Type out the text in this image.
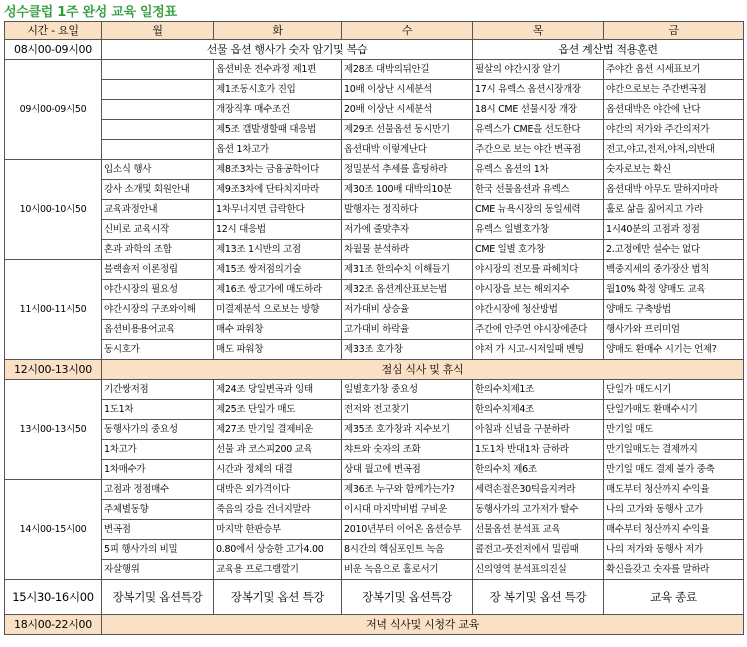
성수클럽 1주 완성 교육 일정표
시간 - 요일	월	화	수	목	금
08시00-09시00	선물 옵션 행사가 숫자 암기및 복습			옵션 계산법 적용훈련	
09시00-09시50		옵션비운 전수과정 제1편	제28조 대박의뒤안길	필살의 야간시장 알기	주야간 옵션 시세표보기
		제1조동시호가 진입	10배 이상난 시세분석	17시 유렉스 옵션시장개장	야간으로보는 주간변곡점
		개장직후 매수조건	20배 이상난 시세분석	18시 CME 선물시장 개장	옵션대박은 야간에 난다
		제5조 갭발생할때 대응법	제29조 선물옵션 동시만기	유렉스가 CME을 선도한다	야간의 저가와 주간의저가
		옵션 1차고가	옵션대박 이렇게난다	주간으로 보는 야간 변곡점	전고,야고,전저,야저,의반대
10시00-10시50	입소식 행사	제8조3차는 금융공학이다	정밀분석 추세를 흘팅하라	유렉스 옵션의 1차	숫자로보는 확신
	강사 소개및 회원안내	제9조3차에 단타치지마라	제30조 100배 대박의10분	한국 선물옵션과 유렉스	옵션대박 아무도 말하지마라
	교육과정안내	1차무너지면 급락한다	발행자는 정직하다	CME 뉴욕시장의 동일세력	훌로 삶을 짊어지고 가라
	신비로 교육시작	12시 대응법	저가에 줄맞추자	유렉스 일별호가창	1시40분의 고점과 정점
	혼과 과학의 조합	제13조 1시반의 고점	차월물 분석하라	CME 일별 호가창	2.고정에만 설수는 없다
11시00-11시50	블랙숄저 이론정립	제15조 쌍저점의기술	제31조 한의수치 이해들기	야시장의 전모를 파헤치다	백중지세의 중가장산 법칙
	야간시장의 필요성	제16조 쌍고가에 매도하라	제32조 옵션계산표보는법	야시장을 보는 해외지수	월10% 확정 양매도 교육
	야간시장의 구조와이해	미결제분석 으로보는 방향	저가대비 상승율	야간시장에 청산방법	양매도 구축방법
	옵션비용용어교육	매수 파워창	고가대비 하락율	주간에 안주연 야시장에준다	행사가와 프리미엄
	동시호가	매도 파워창	제33조 호가창	야저 가 시고-시저일때 벤팅	양매도 환매수 시기는 언제?
12시00-13시00	점심 식사 및 휴식				
13시00-13시50	기간쌍저점	제24조 당일변곡과 잉태	일별호가창 중요성	한의수치제1조	단일가 매도시기
	1도1차	제25조 단일가 매도	전저와 전고찾기	한의수치제4조	단일가매도 환매수시기
	동행사가의 중요성	제27조 만기일 결제비운	제35조 호가창과 지수보기	아침과 신념을 구분하라	만기일 매도
	1차고가	선물 과 코스피200 교육	챠트와 숫자의 조화	1도1차 반대1차 금하라	만기일매도는 결제까지
	1차매수가	시간과 정체의 대결	상대 월고에 변곡점	한의수치 제6조	만기일 매도 결제 불가 중축
14시00-15시00	고점과 정점매수	대박은 외가격이다	제36조 누구와 함께가는가?	세력손절은30틱을지켜라	매도부터 청산까지 수익율
	주체별동향	죽음의 강을 건너지말라	이시대 마지막비법 구비운	동행사가의 고가저가 탈수	나의 고가와 동행사 고가
	변곡점	마지막 한판승부	2010년부터 이어온 옵션승부	선물옵션 분석표 교육	매수부터 청산까지 수익율
	5피 행사가의 비밀	0.80에서 상승한 고가4.00	8시간의 핵심포인트 녹음	콜전고-풋전저에서 밀림때	나의 저가와 동행사 저가
	자살행위	교육용 프로그램깔기	비운 녹음으로 홀로서기	신의영역 분석표의진실	확신을갖고 숫자를 말하라
15시30-16시00	장복기및 옵션특강	장복기및 옵션 특강	장복기및 옵션특강	장 복기및 옵션 특강	교육 종료
18시00-22시00	저녁 식사및 시청각 교육				
